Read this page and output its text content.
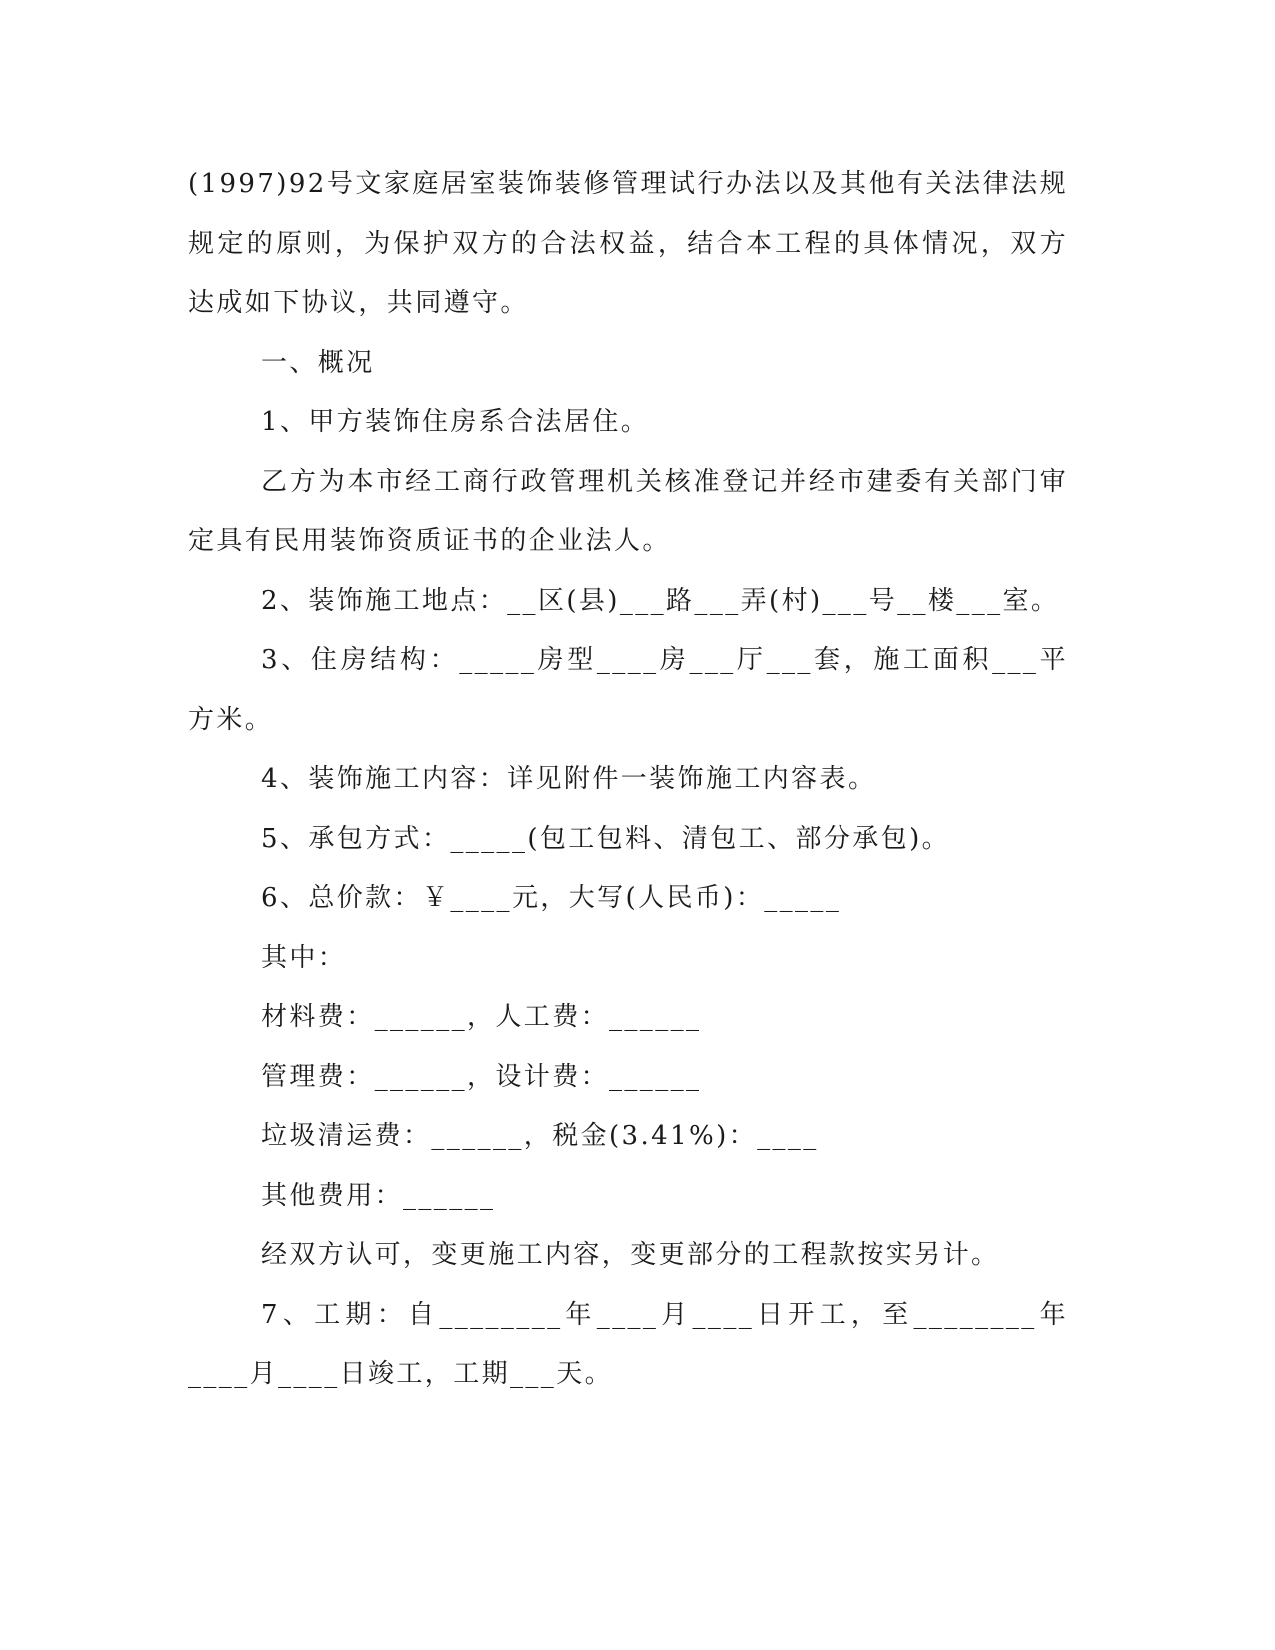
(1997)92号文家庭居室装饰装修管理试行办法以及其他有关法律法规规定的原则，为保护双方的合法权益，结合本工程的具体情况，双方达成如下协议，共同遵守。

一、概况

1、甲方装饰住房系合法居住。

乙方为本市经工商行政管理机关核准登记并经市建委有关部门审定具有民用装饰资质证书的企业法人。

2、装饰施工地点：__区(县)___路___弄(村)___号__楼___室。

3、住房结构：_____房型____房___厅___套，施工面积___平方米。

4、装饰施工内容：详见附件一装饰施工内容表。

5、承包方式：_____(包工包料、清包工、部分承包)。

6、总价款：￥____元，大写(人民币)：_____

其中：

材料费：______，人工费：______

管理费：______，设计费：______

垃圾清运费：______，税金(3.41%)：____

其他费用：______

经双方认可，变更施工内容，变更部分的工程款按实另计。

7、工期：自________年____月____日开工，至________年____月____日竣工，工期___天。
